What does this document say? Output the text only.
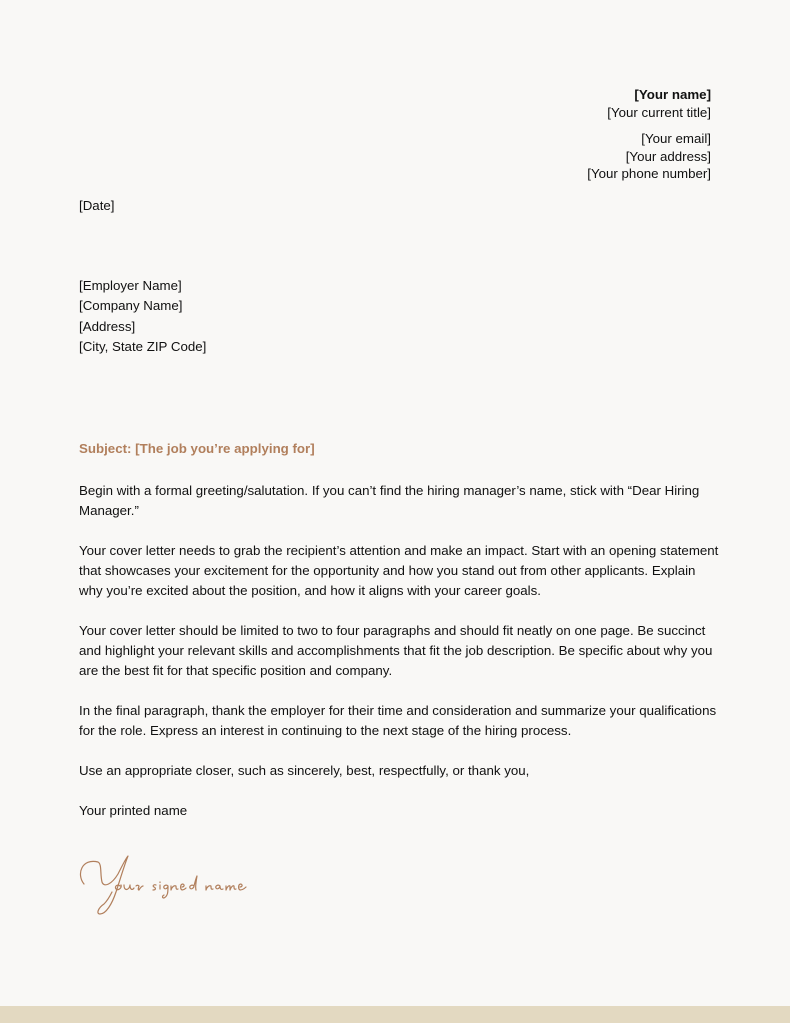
[Your name]
[Your current title]
[Your email]
[Your address]
[Your phone number]
[Date]
[Employer Name]
[Company Name]
[Address]
[City, State ZIP Code]
Subject: [The job you’re applying for]

Begin with a formal greeting/salutation. If you can’t find the hiring manager’s name, stick with “Dear Hiring Manager.”

Your cover letter needs to grab the recipient’s attention and make an impact. Start with an opening statement that showcases your excitement for the opportunity and how you stand out from other applicants. Explain why you’re excited about the position, and how it aligns with your career goals.

Your cover letter should be limited to two to four paragraphs and should fit neatly on one page. Be succinct and highlight your relevant skills and accomplishments that fit the job description. Be specific about why you are the best fit for that specific position and company.

In the final paragraph, thank the employer for their time and consideration and summarize your qualifications for the role. Express an interest in continuing to the next stage of the hiring process.

Use an appropriate closer, such as sincerely, best, respectfully, or thank you,

Your printed name
